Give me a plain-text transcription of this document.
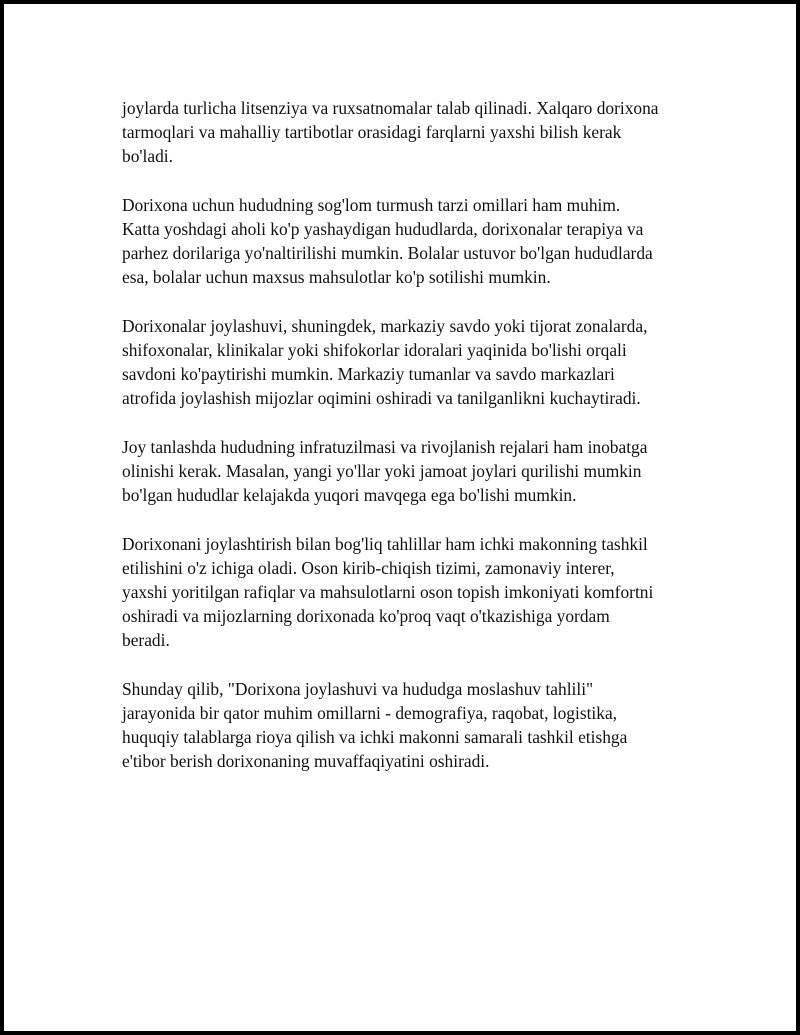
joylarda turlicha litsenziya va ruxsatnomalar talab qilinadi. Xalqaro dorixona
tarmoqlari va mahalliy tartibotlar orasidagi farqlarni yaxshi bilish kerak
bo'ladi.

Dorixona uchun hududning sog'lom turmush tarzi omillari ham muhim.
Katta yoshdagi aholi ko'p yashaydigan hududlarda, dorixonalar terapiya va
parhez dorilariga yo'naltirilishi mumkin. Bolalar ustuvor bo'lgan hududlarda
esa, bolalar uchun maxsus mahsulotlar ko'p sotilishi mumkin.

Dorixonalar joylashuvi, shuningdek, markaziy savdo yoki tijorat zonalarda,
shifoxonalar, klinikalar yoki shifokorlar idoralari yaqinida bo'lishi orqali
savdoni ko'paytirishi mumkin. Markaziy tumanlar va savdo markazlari
atrofida joylashish mijozlar oqimini oshiradi va tanilganlikni kuchaytiradi.

Joy tanlashda hududning infratuzilmasi va rivojlanish rejalari ham inobatga
olinishi kerak. Masalan, yangi yo'llar yoki jamoat joylari qurilishi mumkin
bo'lgan hududlar kelajakda yuqori mavqega ega bo'lishi mumkin.

Dorixonani joylashtirish bilan bog'liq tahlillar ham ichki makonning tashkil
etilishini o'z ichiga oladi. Oson kirib-chiqish tizimi, zamonaviy interer,
yaxshi yoritilgan rafiqlar va mahsulotlarni oson topish imkoniyati komfortni
oshiradi va mijozlarning dorixonada ko'proq vaqt o'tkazishiga yordam
beradi.

Shunday qilib, "Dorixona joylashuvi va hududga moslashuv tahlili"
jarayonida bir qator muhim omillarni - demografiya, raqobat, logistika,
huquqiy talablarga rioya qilish va ichki makonni samarali tashkil etishga
e'tibor berish dorixonaning muvaffaqiyatini oshiradi.
